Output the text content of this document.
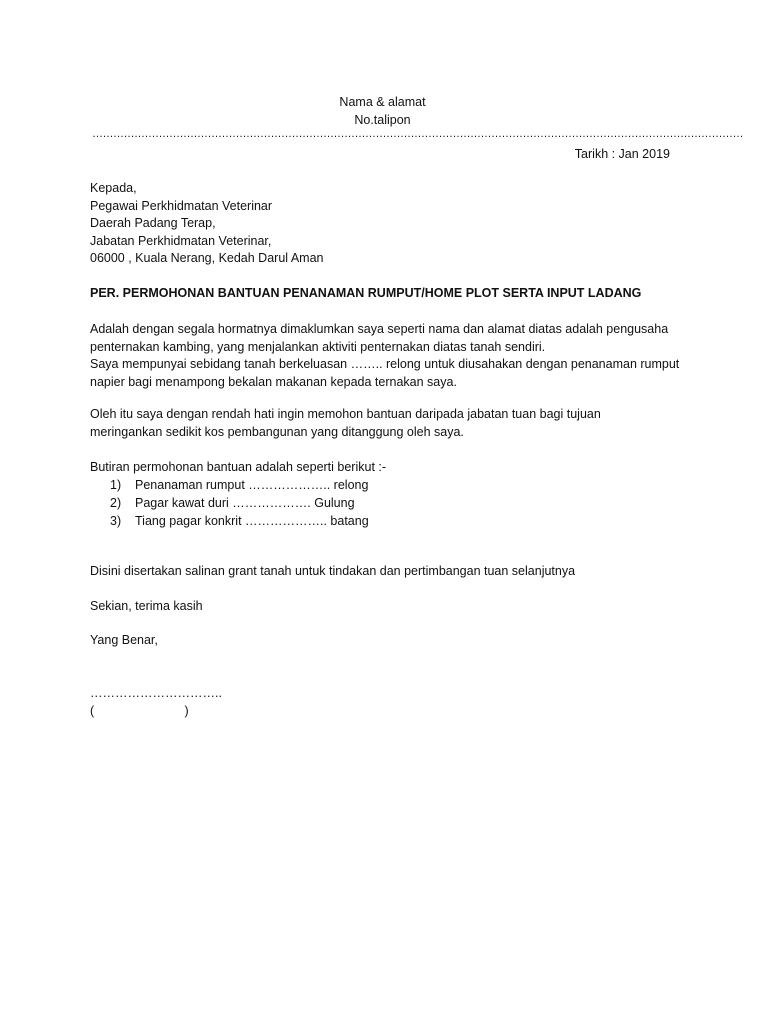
Nama & alamat
No.talipon
……………………………………………………………………………………………………………………………………………………………………
Tarikh : Jan 2019
Kepada,
Pegawai Perkhidmatan Veterinar
Daerah Padang Terap,
Jabatan Perkhidmatan Veterinar,
06000 , Kuala Nerang, Kedah Darul Aman
PER. PERMOHONAN BANTUAN PENANAMAN RUMPUT/HOME PLOT SERTA INPUT LADANG
Adalah dengan segala hormatnya dimaklumkan saya seperti nama dan alamat diatas adalah pengusaha
penternakan kambing, yang menjalankan aktiviti penternakan diatas tanah sendiri.
Saya mempunyai sebidang tanah berkeluasan …….. relong untuk diusahakan dengan penanaman rumput
napier bagi menampong bekalan makanan kepada ternakan saya.
Oleh itu saya dengan rendah hati ingin memohon bantuan daripada jabatan tuan bagi tujuan
meringankan sedikit kos pembangunan yang ditanggung oleh saya.
Butiran permohonan bantuan adalah seperti berikut :-
1)	Penanaman rumput ……………….. relong
2)	Pagar kawat duri ………………. Gulung
3)	Tiang pagar konkrit ……………….. batang
Disini disertakan salinan grant tanah untuk tindakan dan pertimbangan tuan selanjutnya
Sekian, terima kasih
Yang Benar,
…………………………..
(                          )
